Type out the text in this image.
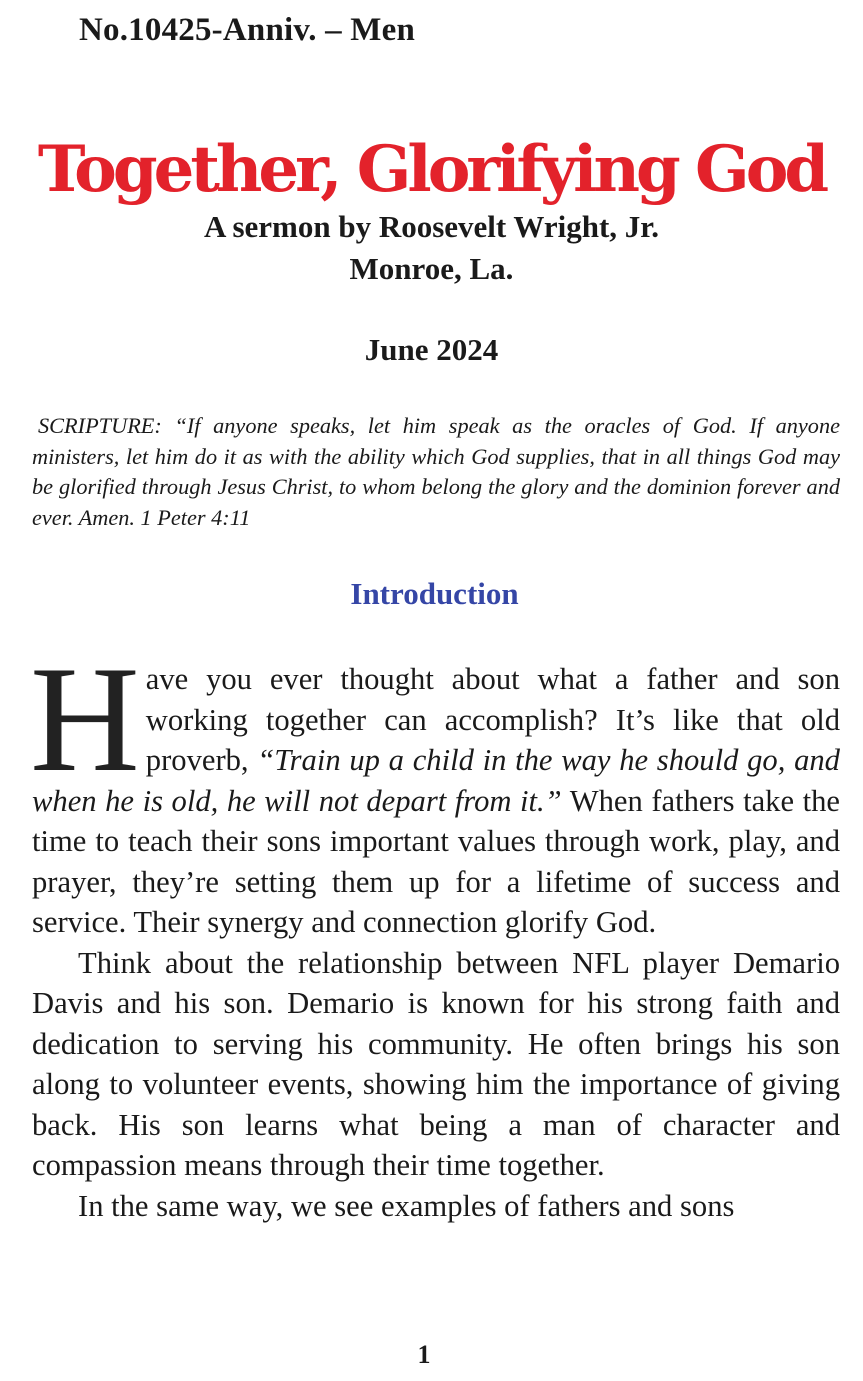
No.10425-Anniv. – Men
Together, Glorifying God
A sermon by Roosevelt Wright, Jr.
Monroe, La.
June 2024

SCRIPTURE: “If anyone speaks, let him speak as the oracles of God. If anyone ministers, let him do it as with the ability which God supplies, that in all things God may be glorified through Jesus Christ, to whom belong the glory and the dominion forever and ever. Amen. 1 Peter 4:11

Introduction

Have you ever thought about what a father and son working together can accomplish? It’s like that old proverb, “Train up a child in the way he should go, and when he is old, he will not depart from it.” When fathers take the time to teach their sons important values through work, play, and prayer, they’re setting them up for a lifetime of success and service. Their synergy and connection glorify God.

Think about the relationship between NFL player Demario Davis and his son. Demario is known for his strong faith and dedication to serving his community. He often brings his son along to volunteer events, showing him the importance of giving back. His son learns what being a man of character and compassion means through their time together.

In the same way, we see examples of fathers and sons

1
